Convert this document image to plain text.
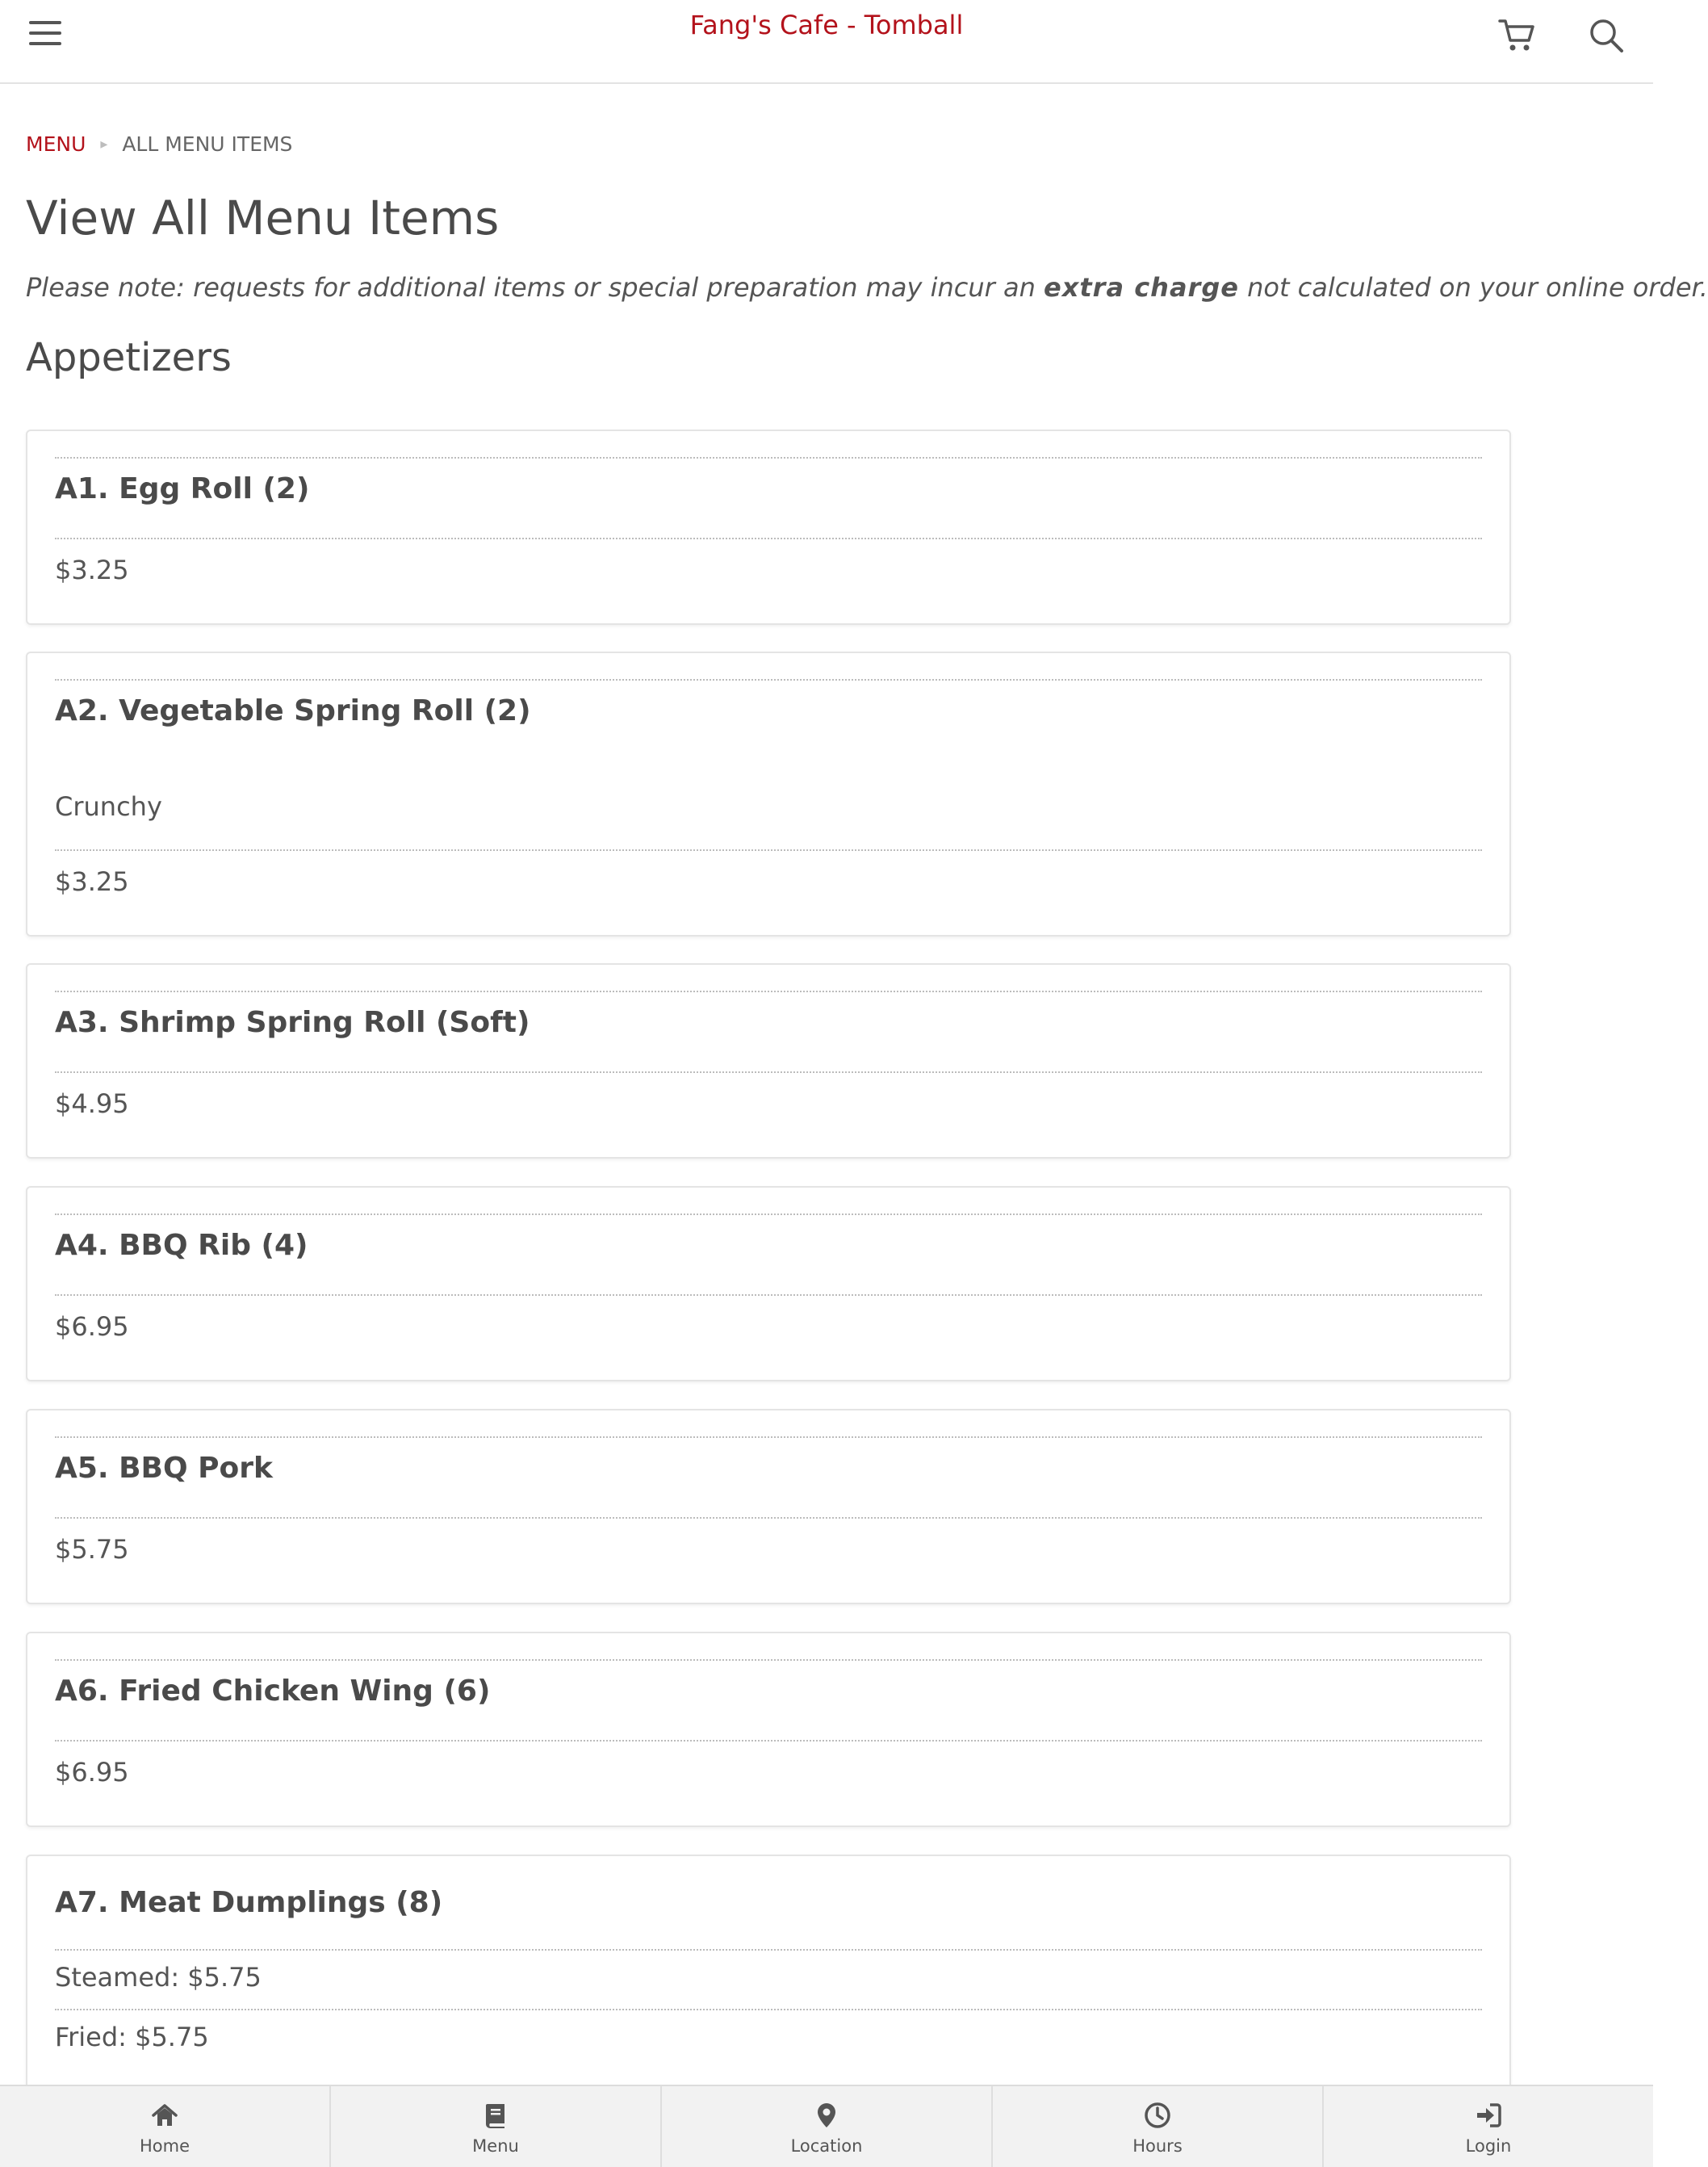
Fang's Cafe - Tomball
MENU ▸ ALL MENU ITEMS
View All Menu Items
Please note: requests for additional items or special preparation may incur an extra charge not calculated on your online order.
Appetizers
A1. Egg Roll (2)
$3.25
A2. Vegetable Spring Roll (2)
Crunchy
$3.25
A3. Shrimp Spring Roll (Soft)
$4.95
A4. BBQ Rib (4)
$6.95
A5. BBQ Pork
$5.75
A6. Fried Chicken Wing (6)
$6.95
A7. Meat Dumplings (8)
Steamed: $5.75
Fried: $5.75
Home	Menu	Location	Hours	Login
